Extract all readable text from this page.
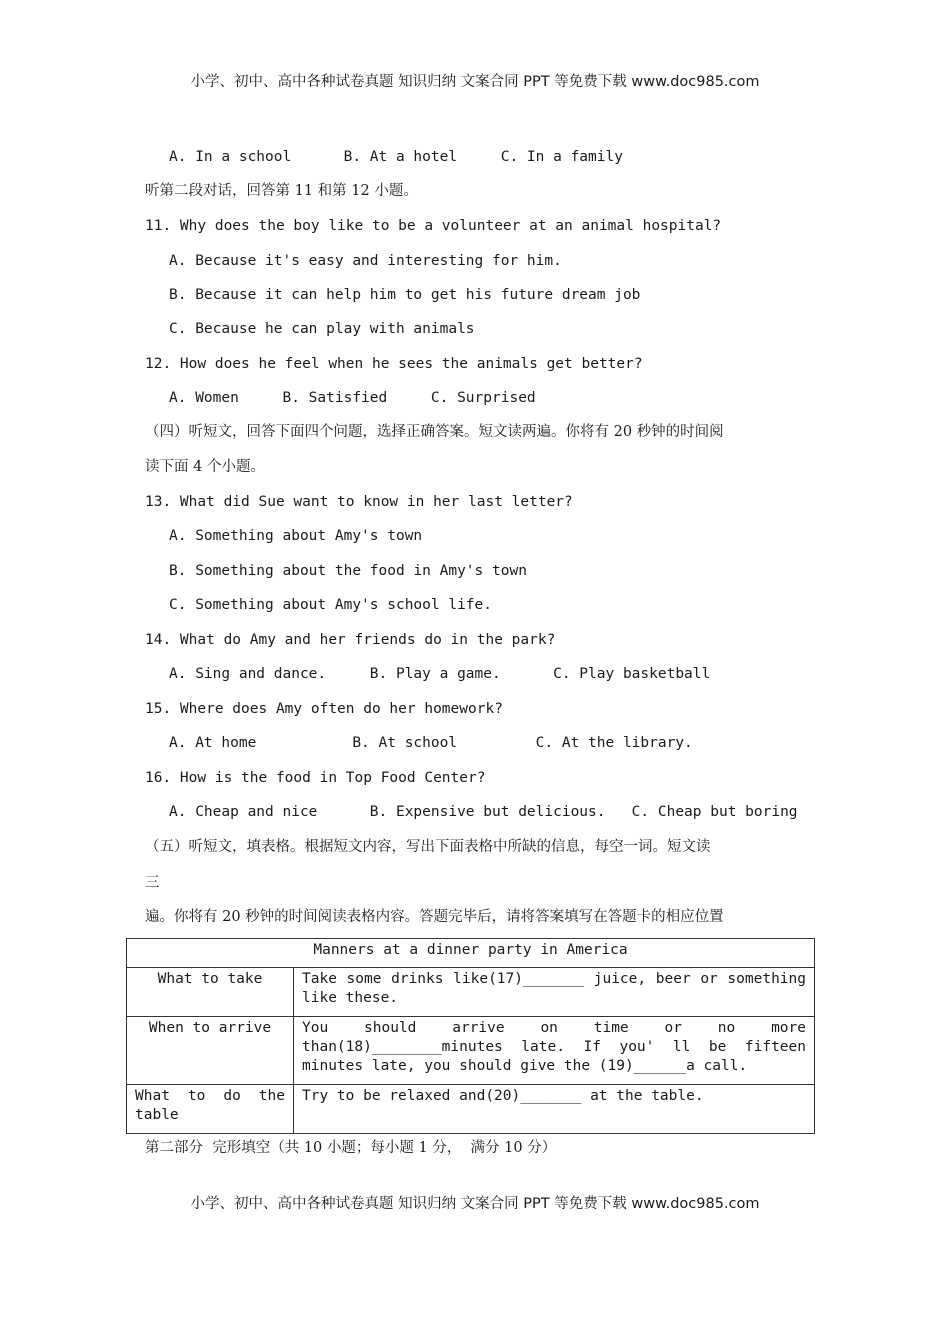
小学、初中、高中各种试卷真题 知识归纳 文案合同 PPT 等免费下载 www.doc985.com
A. In a school      B. At a hotel     C. In a family
听第二段对话，回答第 11 和第 12 小题。
11. Why does the boy like to be a volunteer at an animal hospital?
A. Because it's easy and interesting for him.
B. Because it can help him to get his future dream job
C. Because he can play with animals
12. How does he feel when he sees the animals get better?
A. Women     B. Satisfied     C. Surprised
（四）听短文，回答下面四个问题，选择正确答案。短文读两遍。你将有 20 秒钟的时间阅
读下面 4 个小题。
13. What did Sue want to know in her last letter?
A. Something about Amy's town
B. Something about the food in Amy's town
C. Something about Amy's school life.
14. What do Amy and her friends do in the park?
A. Sing and dance.     B. Play a game.      C. Play basketball
15. Where does Amy often do her homework?
A. At home           B. At school         C. At the library.
16. How is the food in Top Food Center?
A. Cheap and nice      B. Expensive but delicious.   C. Cheap but boring
（五）听短文，填表格。根据短文内容，写出下面表格中所缺的信息，每空一词。短文读
三
遍。你将有 20 秒钟的时间阅读表格内容。答题完毕后，请将答案填写在答题卡的相应位置
Manners at a dinner party in America	
What to take	Take some drinks like(17)_______ juice, beer or something like these.
When to arrive	You should arrive on time or no more than(18)________minutes late. If you' ll be fifteen minutes late, you should give the (19)______a call.
What to do the table	Try to be relaxed and(20)_______ at the table.
第二部分  完形填空（共 10 小题；每小题 1 分，  满分 10 分）
小学、初中、高中各种试卷真题 知识归纳 文案合同 PPT 等免费下载 www.doc985.com
